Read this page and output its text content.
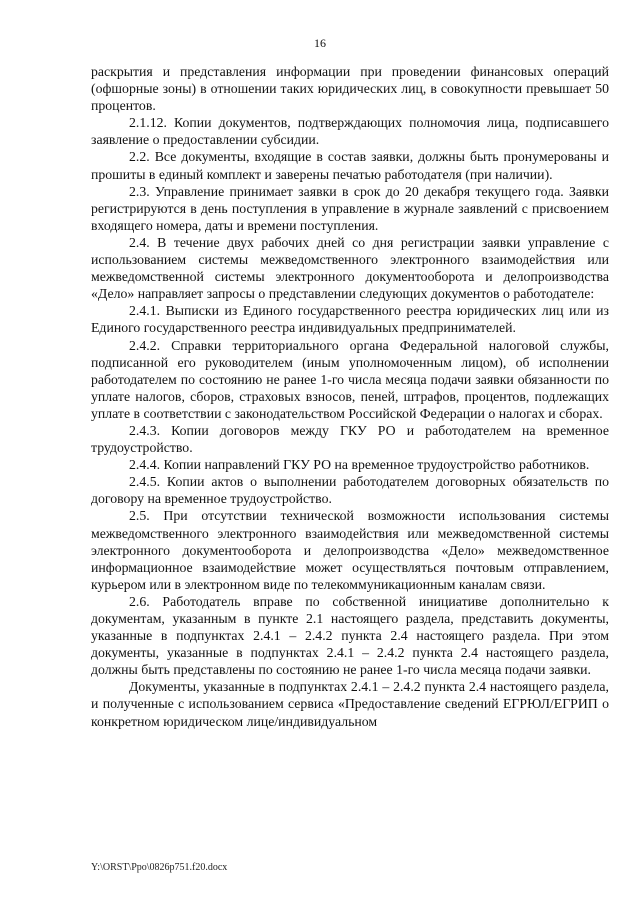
16

раскрытия и представления информации при проведении финансовых операций (офшорные зоны) в отношении таких юридических лиц, в совокупности превышает 50 процентов.

2.1.12. Копии документов, подтверждающих полномочия лица, подписавшего заявление о предоставлении субсидии.

2.2. Все документы, входящие в состав заявки, должны быть пронумерованы и прошиты в единый комплект и заверены печатью работодателя (при наличии).

2.3. Управление принимает заявки в срок до 20 декабря текущего года. Заявки регистрируются в день поступления в управление в журнале заявлений с присвоением входящего номера, даты и времени поступления.

2.4. В течение двух рабочих дней со дня регистрации заявки управление с использованием системы межведомственного электронного взаимодействия или межведомственной системы электронного документооборота и делопроизводства «Дело» направляет запросы о представлении следующих документов о работодателе:

2.4.1. Выписки из Единого государственного реестра юридических лиц или из Единого государственного реестра индивидуальных предпринимателей.

2.4.2. Справки территориального органа Федеральной налоговой службы, подписанной его руководителем (иным уполномоченным лицом), об исполнении работодателем по состоянию не ранее 1-го числа месяца подачи заявки обязанности по уплате налогов, сборов, страховых взносов, пеней, штрафов, процентов, подлежащих уплате в соответствии с законодательством Российской Федерации о налогах и сборах.

2.4.3. Копии договоров между ГКУ РО и работодателем на временное трудоустройство.

2.4.4. Копии направлений ГКУ РО на временное трудоустройство работников.

2.4.5. Копии актов о выполнении работодателем договорных обязательств по договору на временное трудоустройство.

2.5. При отсутствии технической возможности использования системы межведомственного электронного взаимодействия или межведомственной системы электронного документооборота и делопроизводства «Дело» межведомственное информационное взаимодействие может осуществляться почтовым отправлением, курьером или в электронном виде по телекоммуникационным каналам связи.

2.6. Работодатель вправе по собственной инициативе дополнительно к документам, указанным в пункте 2.1 настоящего раздела, представить документы, указанные в подпунктах 2.4.1 – 2.4.2 пункта 2.4 настоящего раздела. При этом документы, указанные в подпунктах 2.4.1 – 2.4.2 пункта 2.4 настоящего раздела, должны быть представлены по состоянию не ранее 1-го числа месяца подачи заявки.

Документы, указанные в подпунктах 2.4.1 – 2.4.2 пункта 2.4 настоящего раздела, и полученные с использованием сервиса «Предоставление сведений ЕГРЮЛ/ЕГРИП о конкретном юридическом лице/индивидуальном

Y:\ORST\Ppo\0826p751.f20.docx
